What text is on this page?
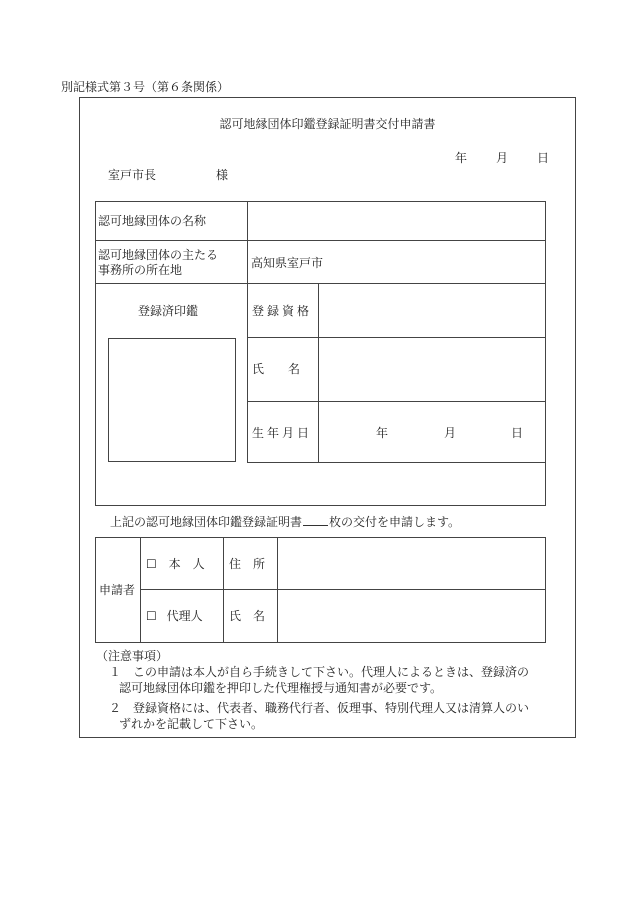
別記様式第３号（第６条関係）
認可地縁団体印鑑登録証明書交付申請書
年 月 日
室戸市長	様
認可地縁団体の名称
認可地縁団体の主たる
事務所の所在地	高知県室戸市
登録済印鑑	登録資格
氏　　名
生年月日	年	月	日
上記の認可地縁団体印鑑登録証明書 枚の交付を申請します。
申請者
☐ 本　人 住　所
☐ 代理人 氏　名
（注意事項）
１　この申請は本人が自ら手続きして下さい。代理人によるときは、登録済の
認可地縁団体印鑑を押印した代理権授与通知書が必要です。
２　登録資格には、代表者、職務代行者、仮理事、特別代理人又は清算人のい
ずれかを記載して下さい。
